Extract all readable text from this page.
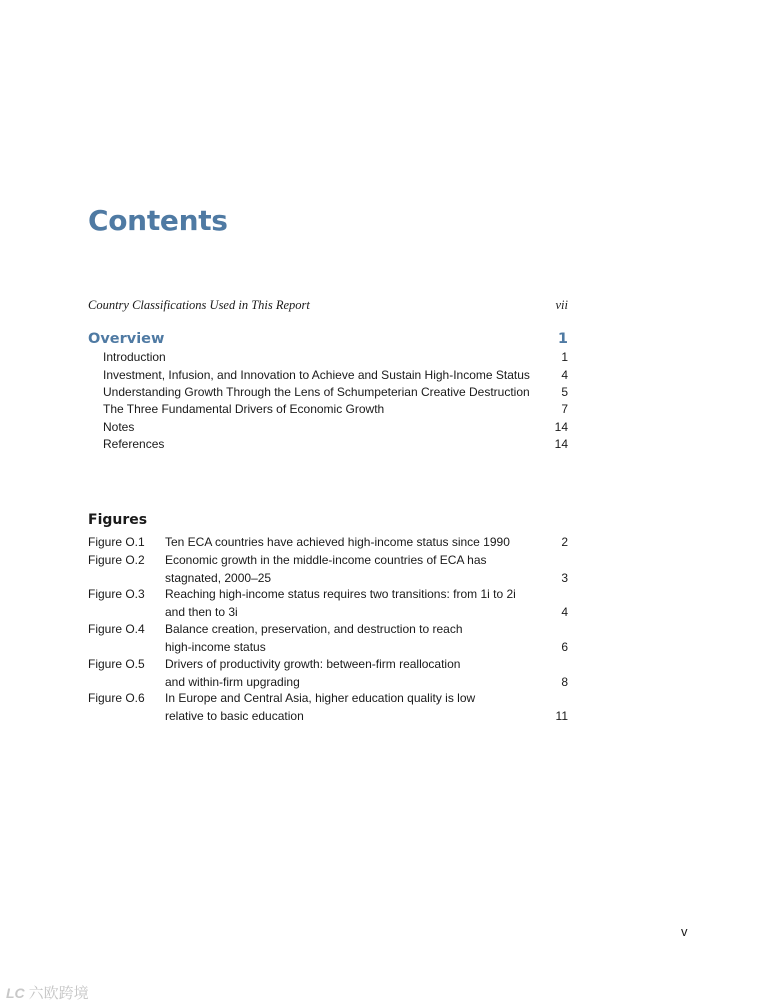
Contents
Country Classifications Used in This Report	vii
Overview	1
Introduction	1
Investment, Infusion, and Innovation to Achieve and Sustain High-Income Status	4
Understanding Growth Through the Lens of Schumpeterian Creative Destruction	5
The Three Fundamental Drivers of Economic Growth	7
Notes	14
References	14
Figures
Figure O.1 Ten ECA countries have achieved high-income status since 1990	2
Figure O.2 Economic growth in the middle-income countries of ECA has
stagnated, 2000–25	3
Figure O.3 Reaching high-income status requires two transitions: from 1i to 2i
and then to 3i	4
Figure O.4 Balance creation, preservation, and destruction to reach
high-income status	6
Figure O.5 Drivers of productivity growth: between-firm reallocation
and within-firm upgrading	8
Figure O.6 In Europe and Central Asia, higher education quality is low
relative to basic education	11
v
LC 六欧跨境
